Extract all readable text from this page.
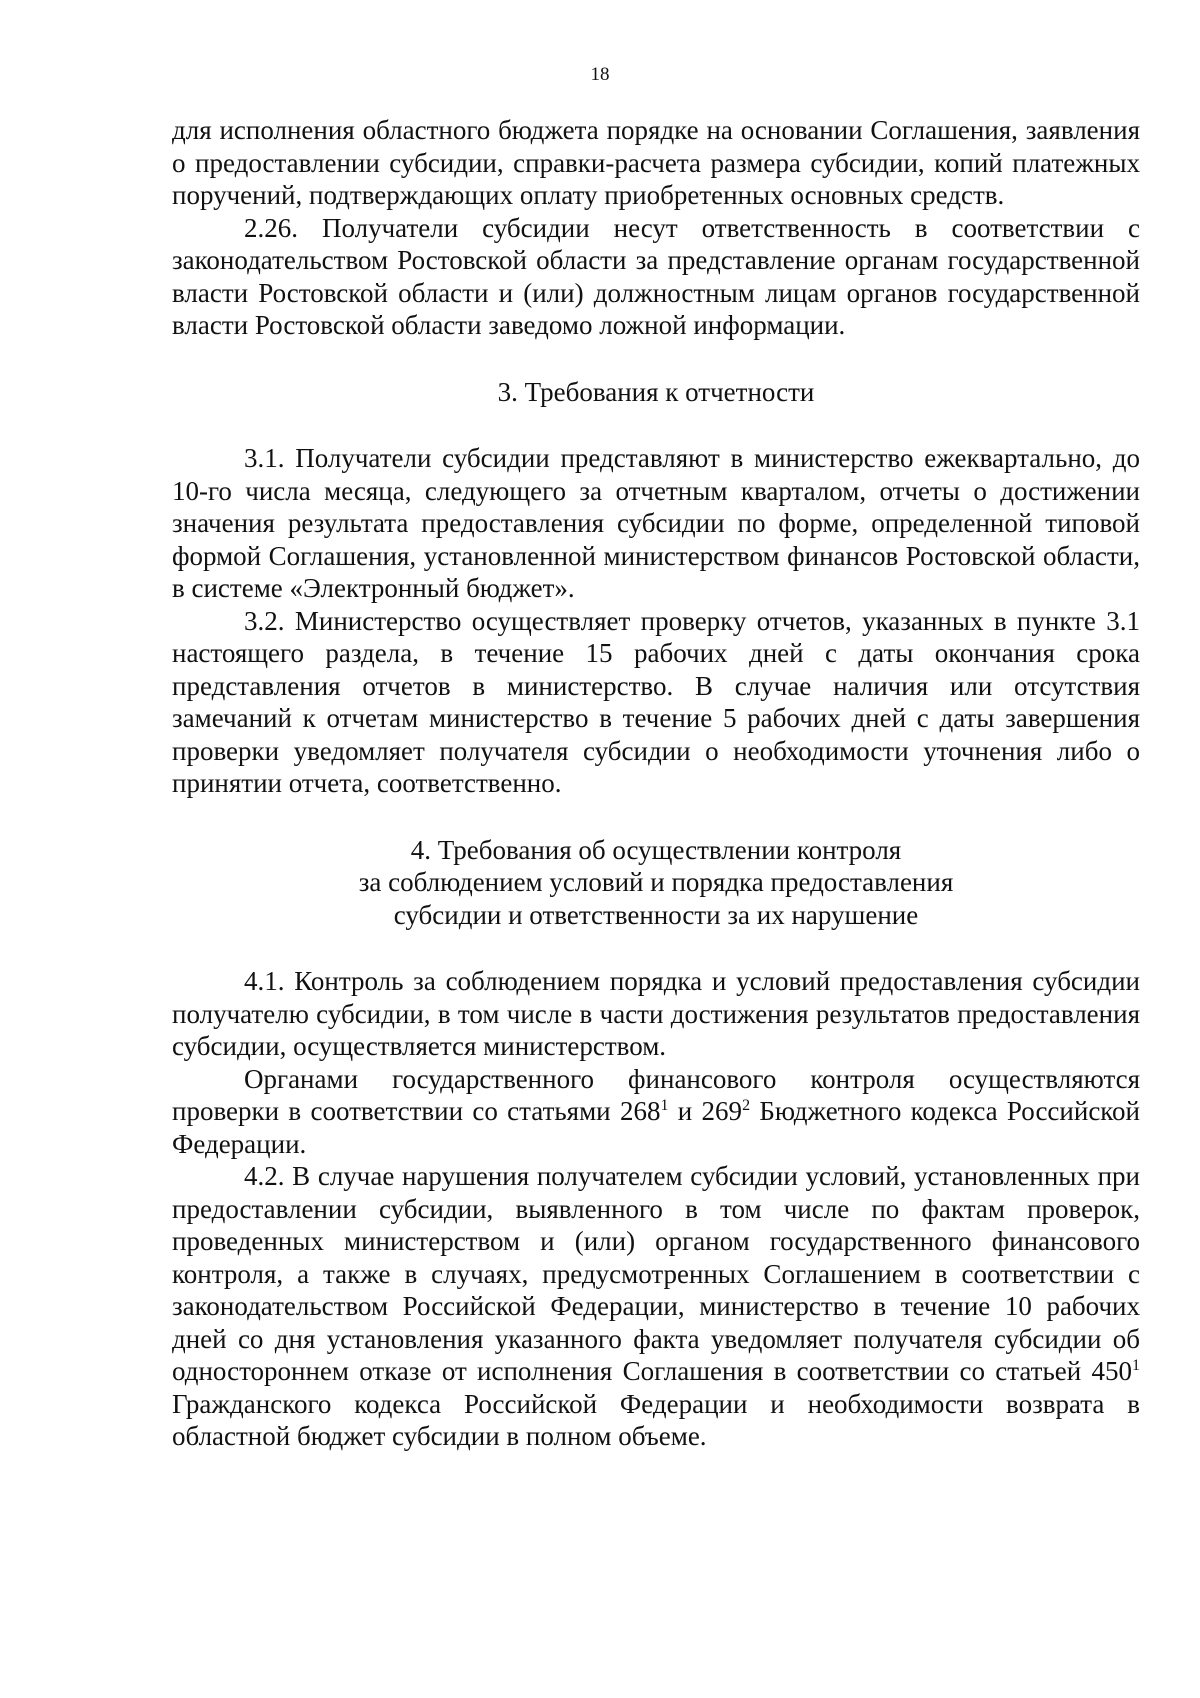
18

для исполнения областного бюджета порядке на основании Соглашения, заявления о предоставлении субсидии, справки-расчета размера субсидии, копий платежных поручений, подтверждающих оплату приобретенных основных средств.

2.26. Получатели субсидии несут ответственность в соответствии с законодательством Ростовской области за представление органам государственной власти Ростовской области и (или) должностным лицам органов государственной власти Ростовской области заведомо ложной информации.

3. Требования к отчетности

3.1. Получатели субсидии представляют в министерство ежеквартально, до 10-го числа месяца, следующего за отчетным кварталом, отчеты о достижении значения результата предоставления субсидии по форме, определенной типовой формой Соглашения, установленной министерством финансов Ростовской области, в системе «Электронный бюджет».

3.2. Министерство осуществляет проверку отчетов, указанных в пункте 3.1 настоящего раздела, в течение 15 рабочих дней с даты окончания срока представления отчетов в министерство. В случае наличия или отсутствия замечаний к отчетам министерство в течение 5 рабочих дней с даты завершения проверки уведомляет получателя субсидии о необходимости уточнения либо о принятии отчета, соответственно.

4. Требования об осуществлении контроля
за соблюдением условий и порядка предоставления
субсидии и ответственности за их нарушение

4.1. Контроль за соблюдением порядка и условий предоставления субсидии получателю субсидии, в том числе в части достижения результатов предоставления субсидии, осуществляется министерством.

Органами государственного финансового контроля осуществляются проверки в соответствии со статьями $268^1$ и $269^2$ Бюджетного кодекса Российской Федерации.

4.2. В случае нарушения получателем субсидии условий, установленных при предоставлении субсидии, выявленного в том числе по фактам проверок, проведенных министерством и (или) органом государственного финансового контроля, а также в случаях, предусмотренных Соглашением в соответствии с законодательством Российской Федерации, министерство в течение 10 рабочих дней со дня установления указанного факта уведомляет получателя субсидии об одностороннем отказе от исполнения Соглашения в соответствии со статьей $450^1$ Гражданского кодекса Российской Федерации и необходимости возврата в областной бюджет субсидии в полном объеме.
